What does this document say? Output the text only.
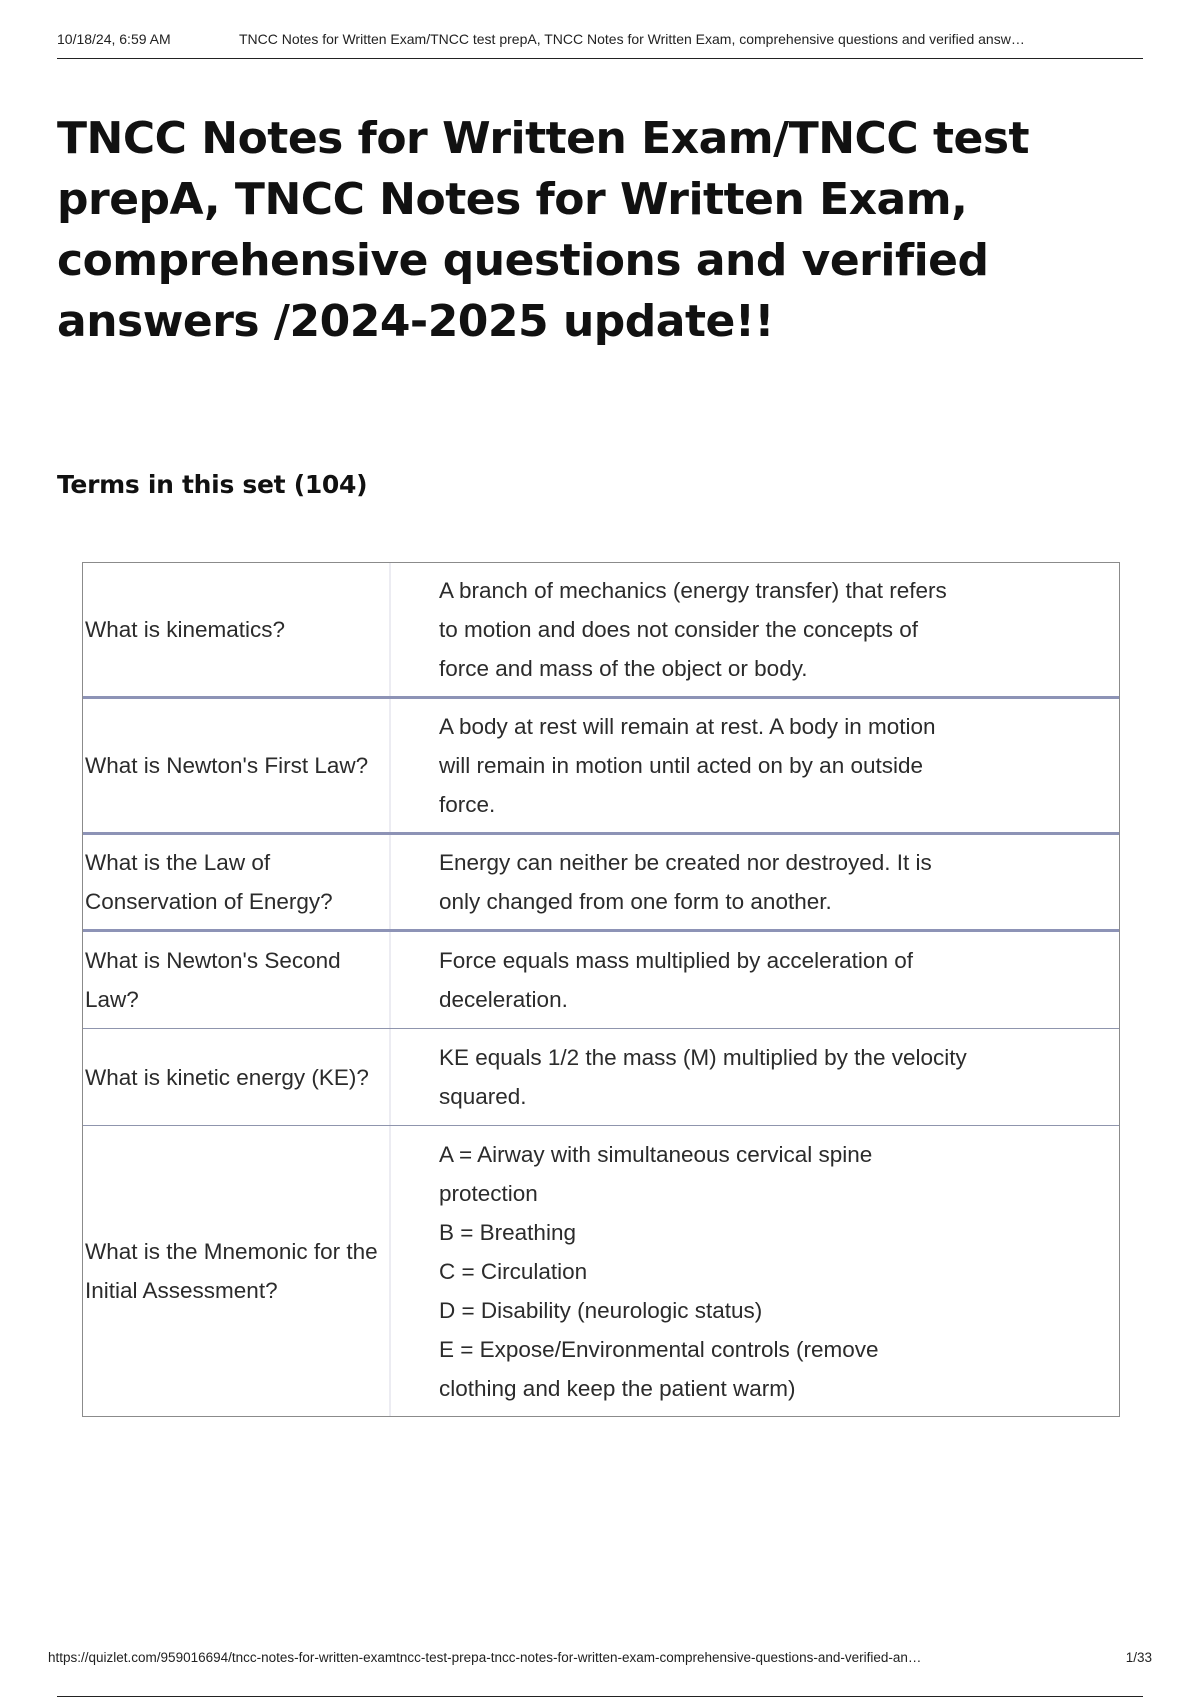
10/18/24, 6:59 AM	TNCC Notes for Written Exam/TNCC test prepA, TNCC Notes for Written Exam, comprehensive questions and verified answ…
TNCC Notes for Written Exam/TNCC test prepA, TNCC Notes for Written Exam, comprehensive questions and verified answers /2024-2025 update!!
Terms in this set (104)
What is kinematics?
A branch of mechanics (energy transfer) that refers
to motion and does not consider the concepts of
force and mass of the object or body.
What is Newton's First Law?
A body at rest will remain at rest. A body in motion
will remain in motion until acted on by an outside
force.
What is the Law of Conservation of Energy?
Energy can neither be created nor destroyed. It is
only changed from one form to another.
What is Newton's Second Law?
Force equals mass multiplied by acceleration of
deceleration.
What is kinetic energy (KE)?
KE equals 1/2 the mass (M) multiplied by the velocity
squared.
What is the Mnemonic for the Initial Assessment?
A = Airway with simultaneous cervical spine
protection
B = Breathing
C = Circulation
D = Disability (neurologic status)
E = Expose/Environmental controls (remove
clothing and keep the patient warm)
https://quizlet.com/959016694/tncc-notes-for-written-examtncc-test-prepa-tncc-notes-for-written-exam-comprehensive-questions-and-verified-an…	1/33
